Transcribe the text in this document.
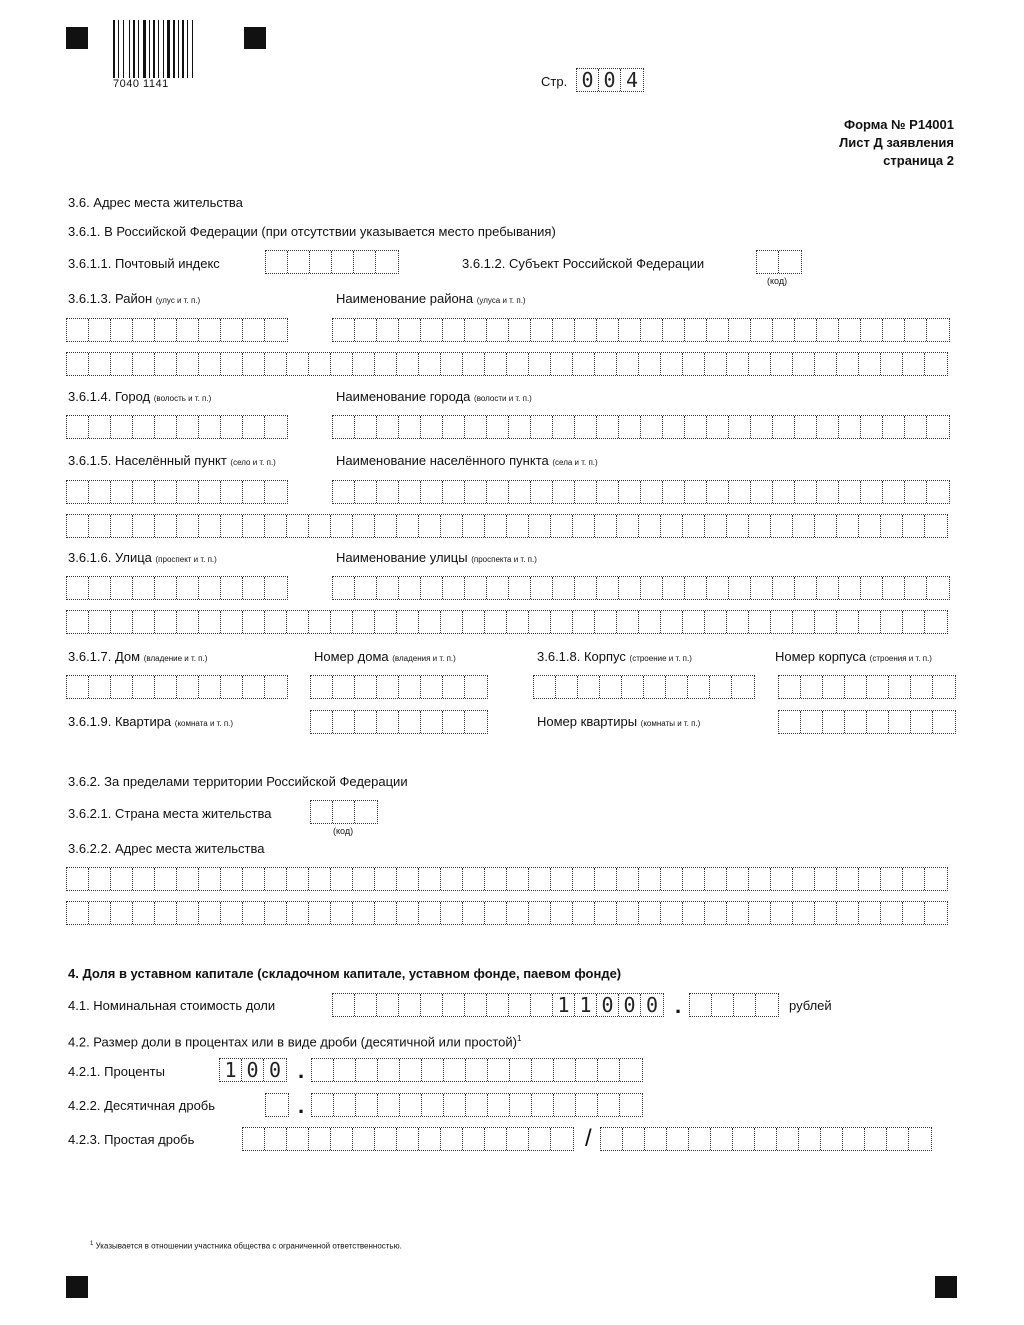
7040 1141	Стр. 0 0 4
Форма № Р14001
Лист Д заявления
страница 2
3.6. Адрес места жительства
3.6.1. В Российской Федерации (при отсутствии указывается место пребывания)
3.6.1.1. Почтовый индекс	3.6.1.2. Субъект Российской Федерации
(код)
3.6.1.3. Район (улус и т. п.)	Наименование района (улуса и т. п.)
3.6.1.4. Город (волость и т. п.)	Наименование города (волости и т. п.)
3.6.1.5. Населённый пункт (село и т. п.)	Наименование населённого пункта (села и т. п.)
3.6.1.6. Улица (проспект и т. п.)	Наименование улицы (проспекта и т. п.)
3.6.1.7. Дом (владение и т. п.)	Номер дома (владения и т. п.)	3.6.1.8. Корпус (строение и т. п.)	Номер корпуса (строения и т. п.)
3.6.1.9. Квартира (комната и т. п.)	Номер квартиры (комнаты и т. п.)
3.6.2. За пределами территории Российской Федерации
3.6.2.1. Страна места жительства
(код)
3.6.2.2. Адрес места жительства
4. Доля в уставном капитале (складочном капитале, уставном фонде, паевом фонде)
4.1. Номинальная стоимость доли	1 1 0 0 0 .	рублей
4.2. Размер доли в процентах или в виде дроби (десятичной или простой)$^1$
4.2.1. Проценты	1 0 0 .
4.2.2. Десятичная дробь	.
4.2.3. Простая дробь	/
$^1$ Указывается в отношении участника общества с ограниченной ответственностью.
